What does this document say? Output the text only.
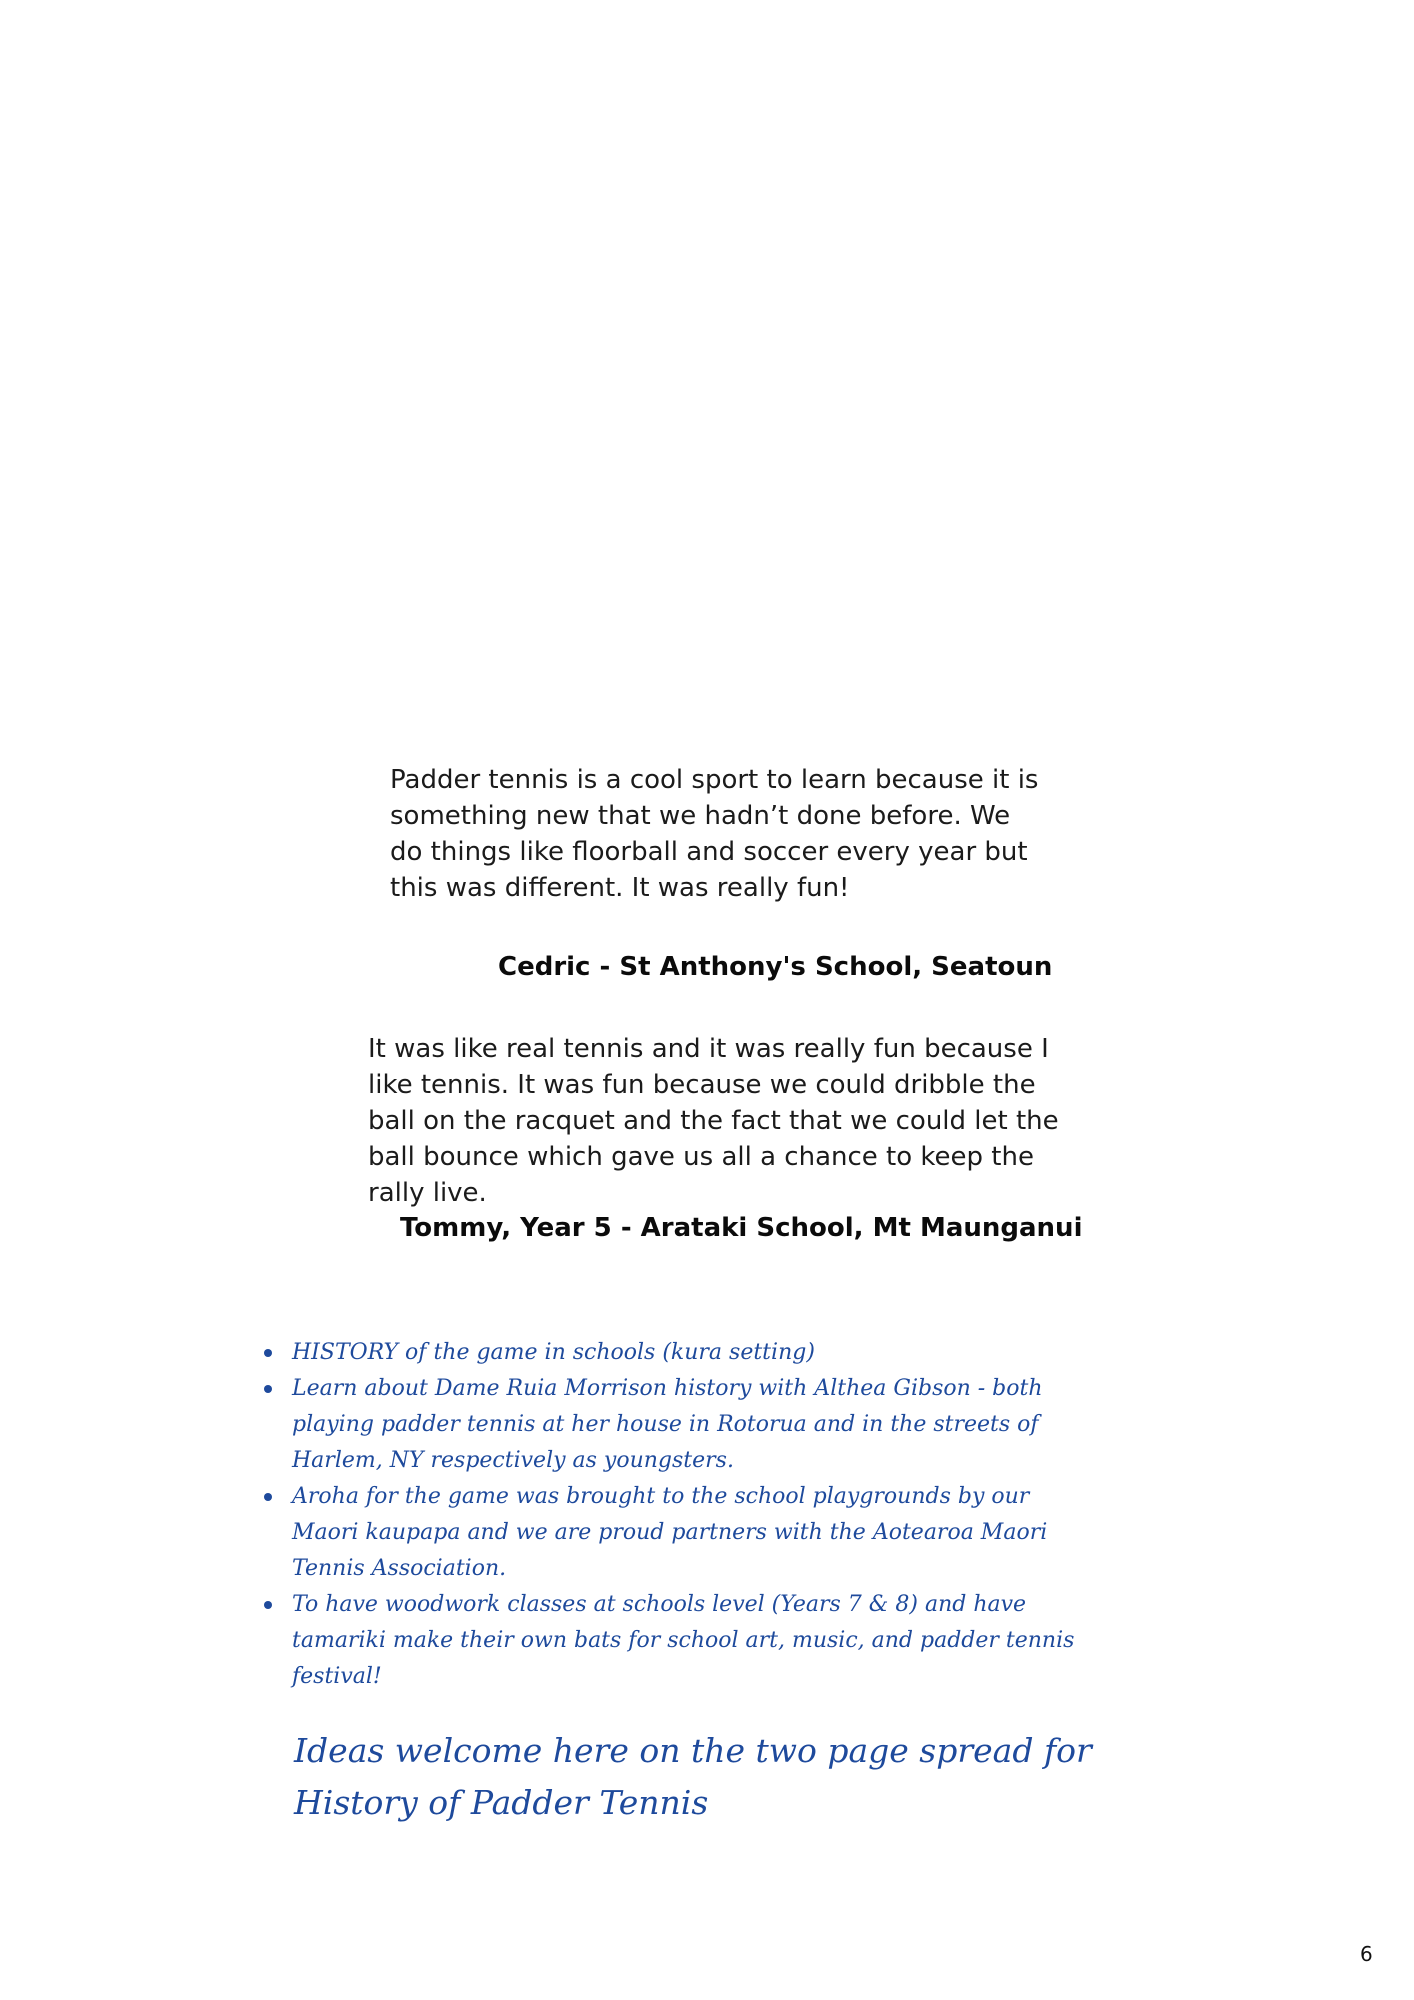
Padder tennis is a cool sport to learn because it is something new that we hadn’t done before. We do things like floorball and soccer every year but this was different. It was really fun!

Cedric - St Anthony's School, Seatoun

It was like real tennis and it was really fun because I like tennis. It was fun because we could dribble the ball on the racquet and the fact that we could let the ball bounce which gave us all a chance to keep the rally live.

Tommy, Year 5 - Arataki School, Mt Maunganui

HISTORY of the game in schools (kura setting)
Learn about Dame Ruia Morrison history with Althea Gibson - both playing padder tennis at her house in Rotorua and in the streets of Harlem, NY respectively as youngsters.
Aroha for the game was brought to the school playgrounds by our Maori kaupapa and we are proud partners with the Aotearoa Maori Tennis Association.
To have woodwork classes at schools level (Years 7 & 8) and have tamariki make their own bats for school art, music, and padder tennis festival!

Ideas welcome here on the two page spread for History of Padder Tennis

6
